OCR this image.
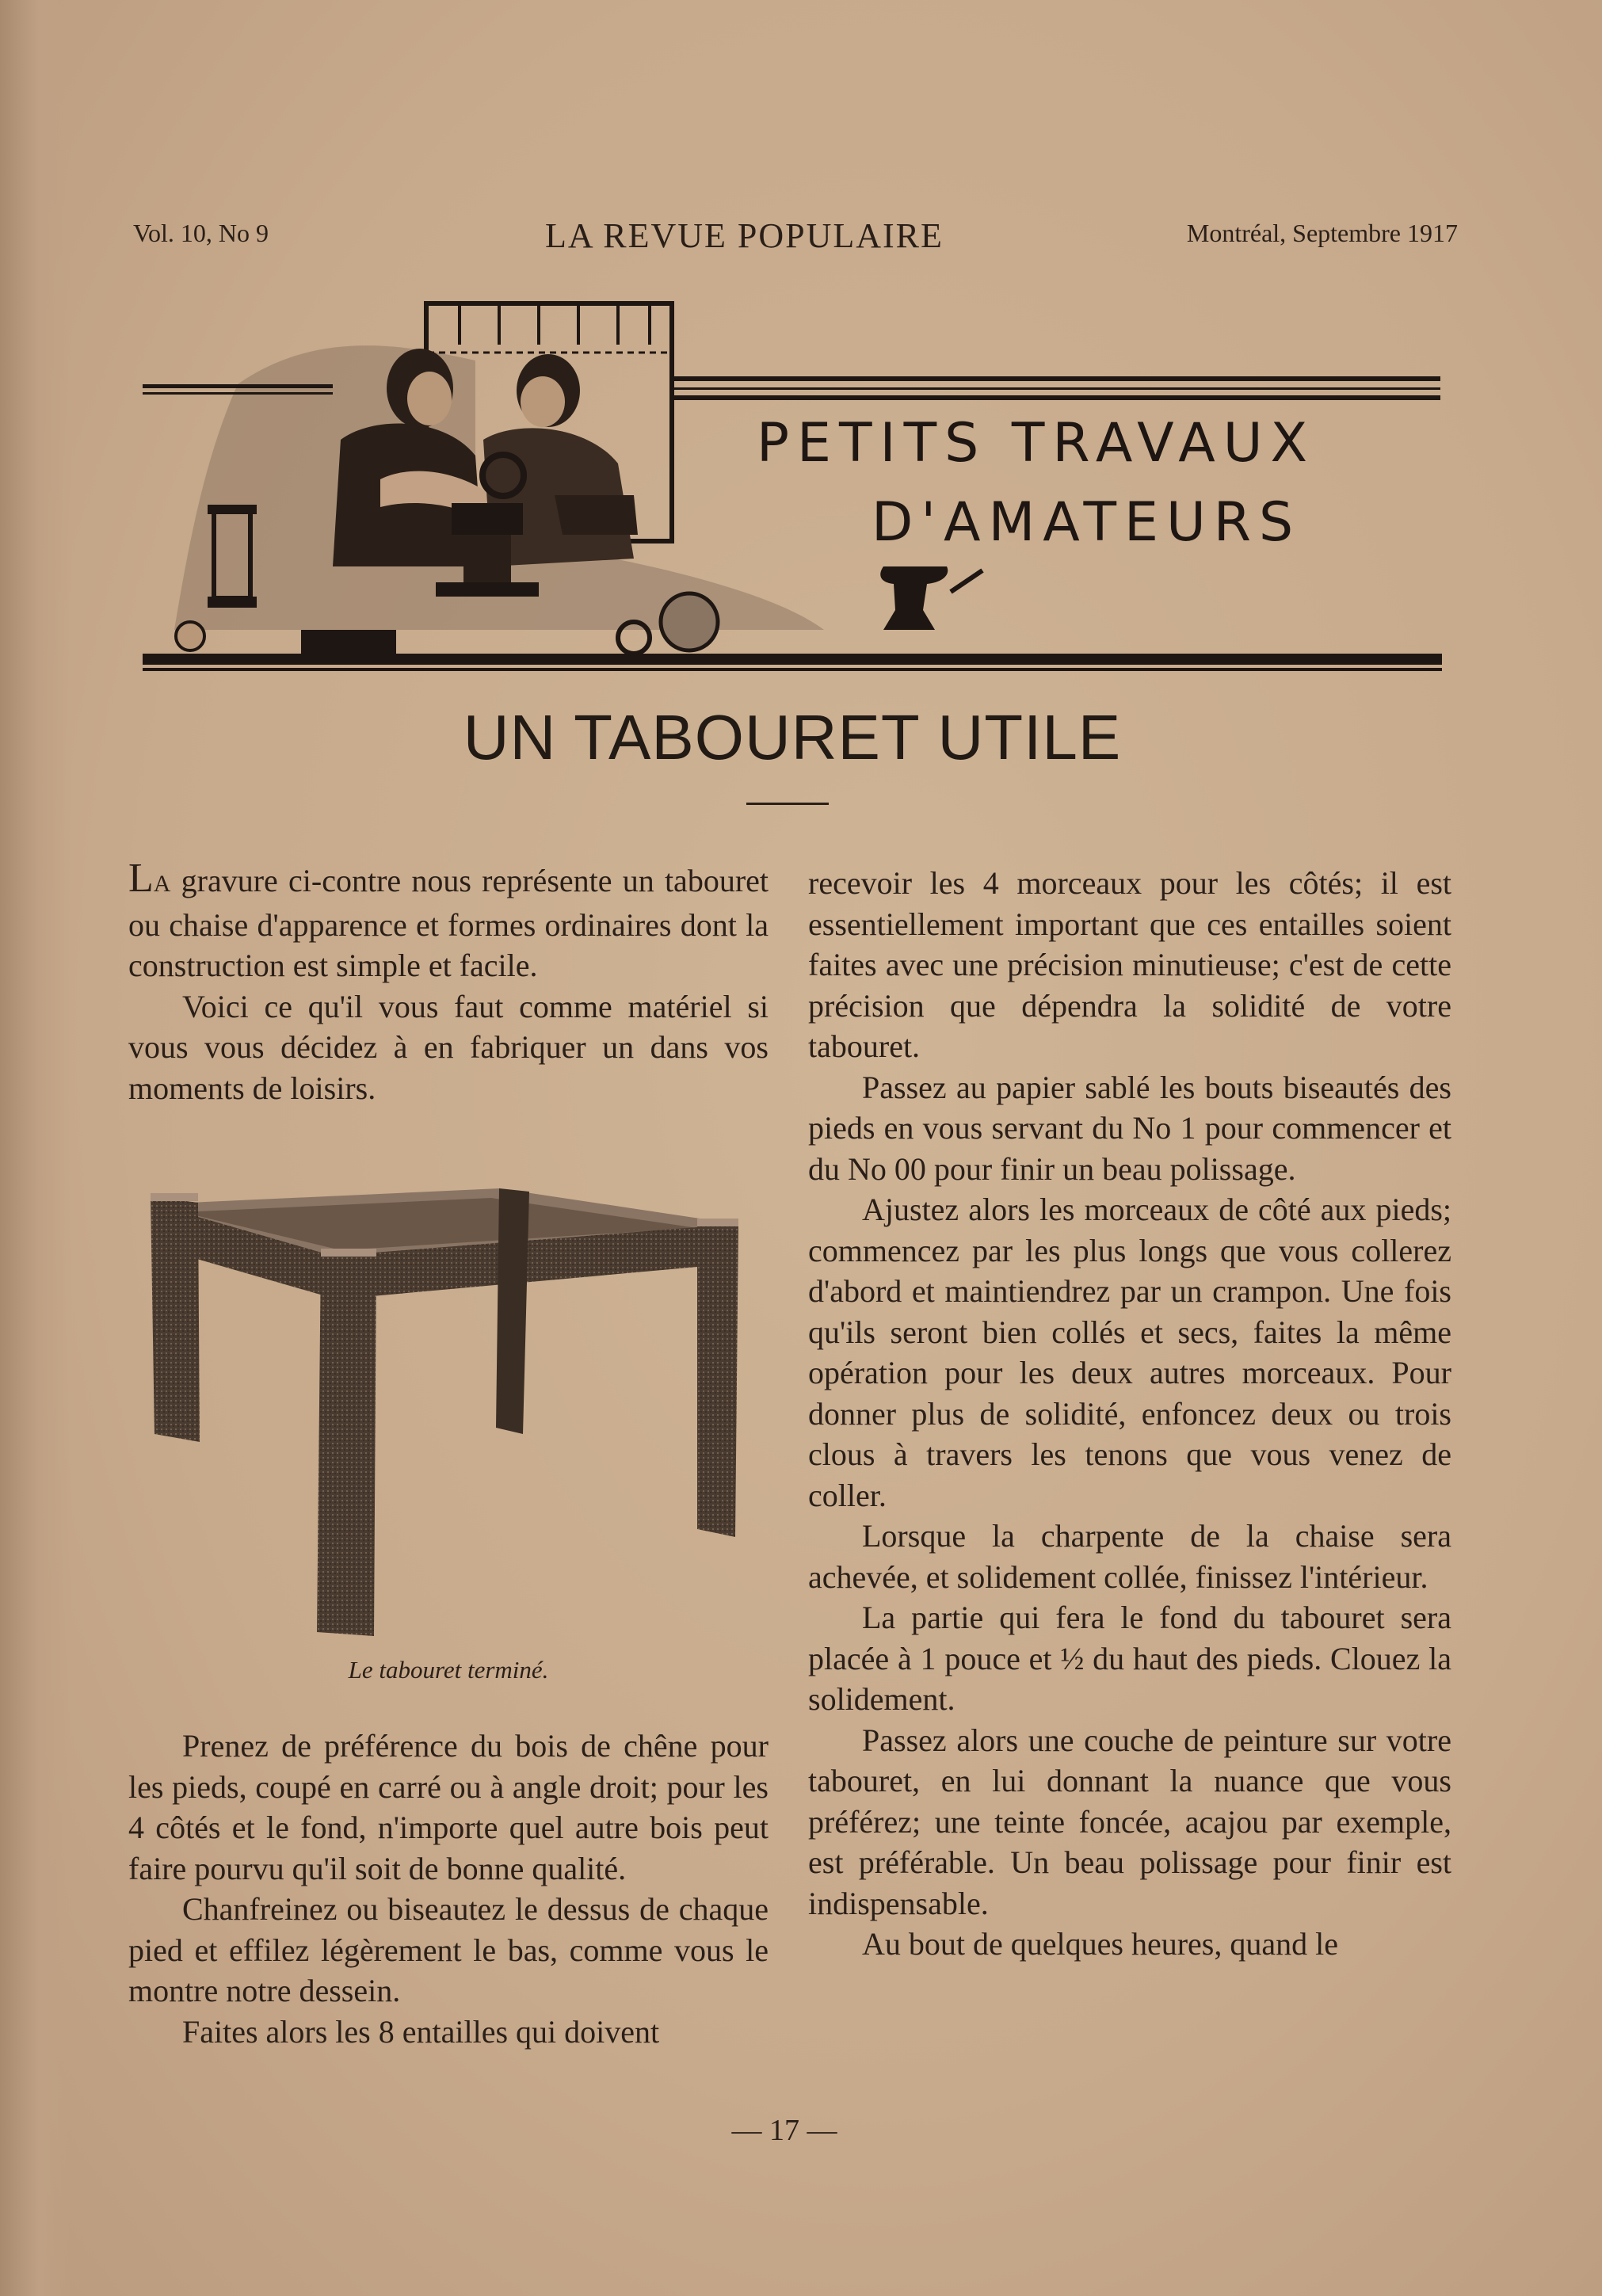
Vol. 10, No 9	LA REVUE POPULAIRE	Montréal, Septembre 1917
PETITS TRAVAUX
D'AMATEURS
UN TABOURET UTILE

LA gravure ci-contre nous représente un tabouret ou chaise d'apparence et formes ordinaires dont la construction est simple et facile.

Voici ce qu'il vous faut comme matériel si vous vous décidez à en fabriquer un dans vos moments de loisirs.

Le tabouret terminé.

Prenez de préférence du bois de chêne pour les pieds, coupé en carré ou à angle droit; pour les 4 côtés et le fond, n'importe quel autre bois peut faire pourvu qu'il soit de bonne qualité.

Chanfreinez ou biseautez le dessus de chaque pied et effilez légèrement le bas, comme vous le montre notre dessein.

Faites alors les 8 entailles qui doivent

recevoir les 4 morceaux pour les côtés; il est essentiellement important que ces entailles soient faites avec une précision minutieuse; c'est de cette précision que dépendra la solidité de votre tabouret.

Passez au papier sablé les bouts biseautés des pieds en vous servant du No 1 pour commencer et du No 00 pour finir un beau polissage.

Ajustez alors les morceaux de côté aux pieds; commencez par les plus longs que vous collerez d'abord et maintiendrez par un crampon. Une fois qu'ils seront bien collés et secs, faites la même opération pour les deux autres morceaux. Pour donner plus de solidité, enfoncez deux ou trois clous à travers les tenons que vous venez de coller.

Lorsque la charpente de la chaise sera achevée, et solidement collée, finissez l'intérieur.

La partie qui fera le fond du tabouret sera placée à 1 pouce et ½ du haut des pieds. Clouez la solidement.

Passez alors une couche de peinture sur votre tabouret, en lui donnant la nuance que vous préférez; une teinte foncée, acajou par exemple, est préférable. Un beau polissage pour finir est indispensable.

Au bout de quelques heures, quand le

— 17 —
